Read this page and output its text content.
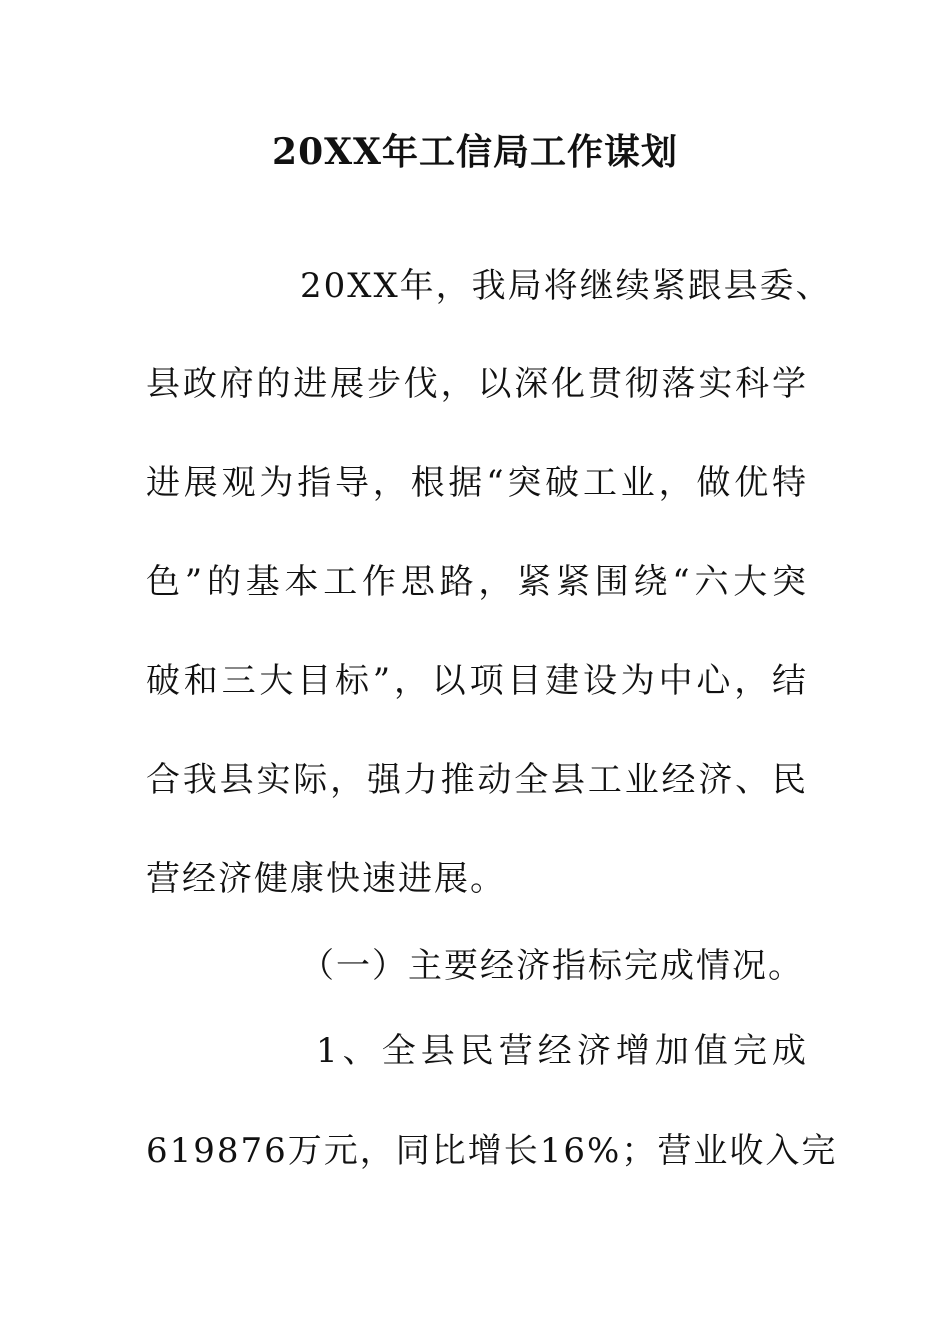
20XX年工信局工作谋划
20XX年，我局将继续紧跟县委、
县政府的进展步伐，以深化贯彻落实科学
进展观为指导，根据“突破工业，做优特
色”的基本工作思路，紧紧围绕“六大突
破和三大目标”，以项目建设为中心，结
合我县实际，强力推动全县工业经济、民
营经济健康快速进展。
（一）主要经济指标完成情况。
1、全县民营经济增加值完成
619876万元，同比增长16%；营业收入完
